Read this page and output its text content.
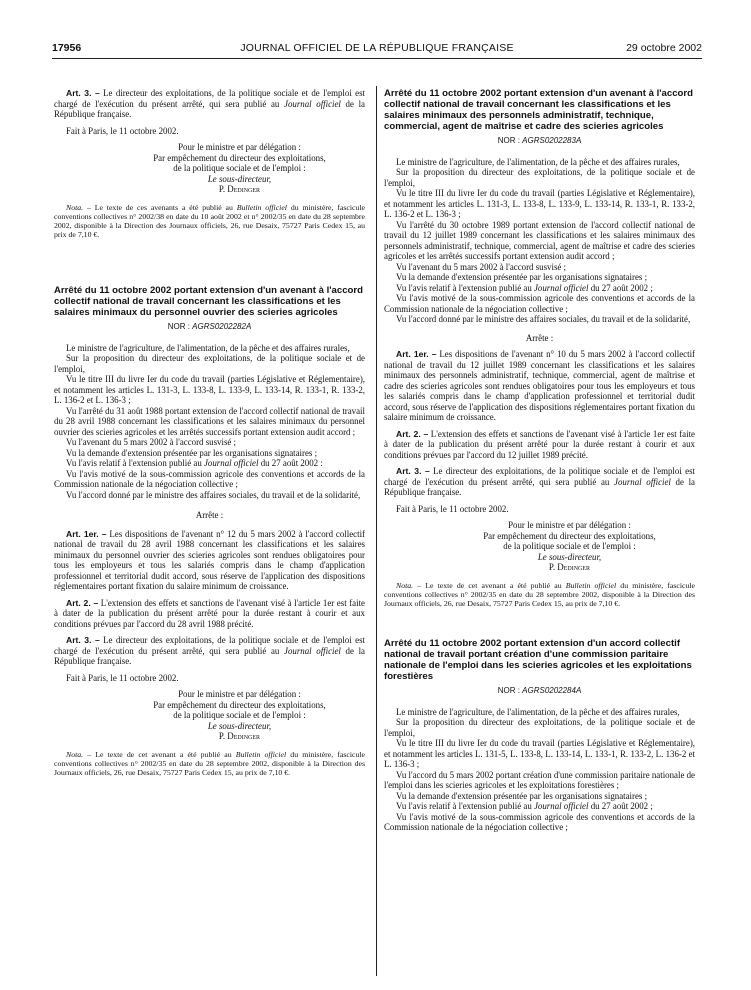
17956	JOURNAL OFFICIEL DE LA RÉPUBLIQUE FRANÇAISE	29 octobre 2002

Art. 3. – Le directeur des exploitations, de la politique sociale et de l'emploi est chargé de l'exécution du présent arrêté, qui sera publié au Journal officiel de la République française.

Fait à Paris, le 11 octobre 2002.

Pour le ministre et par délégation :

Par empêchement du directeur des exploitations,

de la politique sociale et de l'emploi :

Le sous-directeur,

P. Dedinger

Nota. – Le texte de ces avenants a été publié au Bulletin officiel du ministère, fascicule conventions collectives n° 2002/38 en date du 10 août 2002 et n° 2002/35 en date du 28 septembre 2002, disponible à la Direction des Journaux officiels, 26, rue Desaix, 75727 Paris Cedex 15, au prix de 7,10 €.

Arrêté du 11 octobre 2002 portant extension d'un avenant à l'accord collectif national de travail concernant les classifications et les salaires minimaux du personnel ouvrier des scieries agricoles

NOR : AGRS0202282A

Le ministre de l'agriculture, de l'alimentation, de la pêche et des affaires rurales,

Sur la proposition du directeur des exploitations, de la politique sociale et de l'emploi,

Vu le titre III du livre Ier du code du travail (parties Législative et Réglementaire), et notamment les articles L. 131-3, L. 133-8, L. 133-9, L. 133-14, R. 133-1, R. 133-2, L. 136-2 et L. 136-3 ;

Vu l'arrêté du 31 août 1988 portant extension de l'accord collectif national de travail du 28 avril 1988 concernant les classifications et les salaires minimaux du personnel ouvrier des scieries agricoles et les arrêtés successifs portant extension audit accord ;

Vu l'avenant du 5 mars 2002 à l'accord susvisé ;

Vu la demande d'extension présentée par les organisations signataires ;

Vu l'avis relatif à l'extension publié au Journal officiel du 27 août 2002 :

Vu l'avis motivé de la sous-commission agricole des conventions et accords de la Commission nationale de la négociation collective ;

Vu l'accord donné par le ministre des affaires sociales, du travail et de la solidarité,

Arrête :

Art. 1er. – Les dispositions de l'avenant n° 12 du 5 mars 2002 à l'accord collectif national de travail du 28 avril 1988 concernant les classifications et les salaires minimaux du personnel ouvrier des scieries agricoles sont rendues obligatoires pour tous les employeurs et tous les salariés compris dans le champ d'application professionnel et territorial dudit accord, sous réserve de l'application des dispositions réglementaires portant fixation du salaire minimum de croissance.

Art. 2. – L'extension des effets et sanctions de l'avenant visé à l'article 1er est faite à dater de la publication du présent arrêté pour la durée restant à courir et aux conditions prévues par l'accord du 28 avril 1988 précité.

Art. 3. – Le directeur des exploitations, de la politique sociale et de l'emploi est chargé de l'exécution du présent arrêté, qui sera publié au Journal officiel de la République française.

Fait à Paris, le 11 octobre 2002.

Pour le ministre et par délégation :

Par empêchement du directeur des exploitations,

de la politique sociale et de l'emploi :

Le sous-directeur,

P. Dedinger

Nota. – Le texte de cet avenant a été publié au Bulletin officiel du ministère, fascicule conventions collectives n° 2002/35 en date du 28 septembre 2002, disponible à la Direction des Journaux officiels, 26, rue Desaix, 75727 Paris Cedex 15, au prix de 7,10 €.

Arrêté du 11 octobre 2002 portant extension d'un avenant à l'accord collectif national de travail concernant les classifications et les salaires minimaux des personnels administratif, technique, commercial, agent de maîtrise et cadre des scieries agricoles

NOR : AGRS0202283A

Le ministre de l'agriculture, de l'alimentation, de la pêche et des affaires rurales,

Sur la proposition du directeur des exploitations, de la politique sociale et de l'emploi,

Vu le titre III du livre Ier du code du travail (parties Législative et Réglementaire), et notamment les articles L. 131-3, L. 133-8, L. 133-9, L. 133-14, R. 133-1, R. 133-2, L. 136-2 et L. 136-3 ;

Vu l'arrêté du 30 octobre 1989 portant extension de l'accord collectif national de travail du 12 juillet 1989 concernant les classifications et les salaires minimaux des personnels administratif, technique, commercial, agent de maîtrise et cadre des scieries agricoles et les arrêtés successifs portant extension audit accord ;

Vu l'avenant du 5 mars 2002 à l'accord susvisé ;

Vu la demande d'extension présentée par les organisations signataires ;

Vu l'avis relatif à l'extension publié au Journal officiel du 27 août 2002 ;

Vu l'avis motivé de la sous-commission agricole des conventions et accords de la Commission nationale de la négociation collective ;

Vu l'accord donné par le ministre des affaires sociales, du travail et de la solidarité,

Arrête :

Art. 1er. – Les dispositions de l'avenant n° 10 du 5 mars 2002 à l'accord collectif national de travail du 12 juillet 1989 concernant les classifications et les salaires minimaux des personnels administratif, technique, commercial, agent de maîtrise et cadre des scieries agricoles sont rendues obligatoires pour tous les employeurs et tous les salariés compris dans le champ d'application professionnel et territorial dudit accord, sous réserve de l'application des dispositions réglementaires portant fixation du salaire minimum de croissance.

Art. 2. – L'extension des effets et sanctions de l'avenant visé à l'article 1er est faite à dater de la publication du présent arrêté pour la durée restant à courir et aux conditions prévues par l'accord du 12 juillet 1989 précité.

Art. 3. – Le directeur des exploitations, de la politique sociale et de l'emploi est chargé de l'exécution du présent arrêté, qui sera publié au Journal officiel de la République française.

Fait à Paris, le 11 octobre 2002.

Pour le ministre et par délégation :

Par empêchement du directeur des exploitations,

de la politique sociale et de l'emploi :

Le sous-directeur,

P. Dedinger

Nota. – Le texte de cet avenant a été publié au Bulletin officiel du ministère, fascicule conventions collectives n° 2002/35 en date du 28 septembre 2002, disponible à la Direction des Journaux officiels, 26, rue Desaix, 75727 Paris Cedex 15, au prix de 7,10 €.

Arrêté du 11 octobre 2002 portant extension d'un accord collectif national de travail portant création d'une commission paritaire nationale de l'emploi dans les scieries agricoles et les exploitations forestières

NOR : AGRS0202284A

Le ministre de l'agriculture, de l'alimentation, de la pêche et des affaires rurales,

Sur la proposition du directeur des exploitations, de la politique sociale et de l'emploi,

Vu le titre III du livre Ier du code du travail (parties Législative et Réglementaire), et notamment les articles L. 131-5, L. 133-8, L. 133-14, L. 133-1, R. 133-2, L. 136-2 et L. 136-3 ;

Vu l'accord du 5 mars 2002 portant création d'une commission paritaire nationale de l'emploi dans les scieries agricoles et les exploitations forestières ;

Vu la demande d'extension présentée par les organisations signataires ;

Vu l'avis relatif à l'extension publié au Journal officiel du 27 août 2002 ;

Vu l'avis motivé de la sous-commission agricole des conventions et accords de la Commission nationale de la négociation collective ;
